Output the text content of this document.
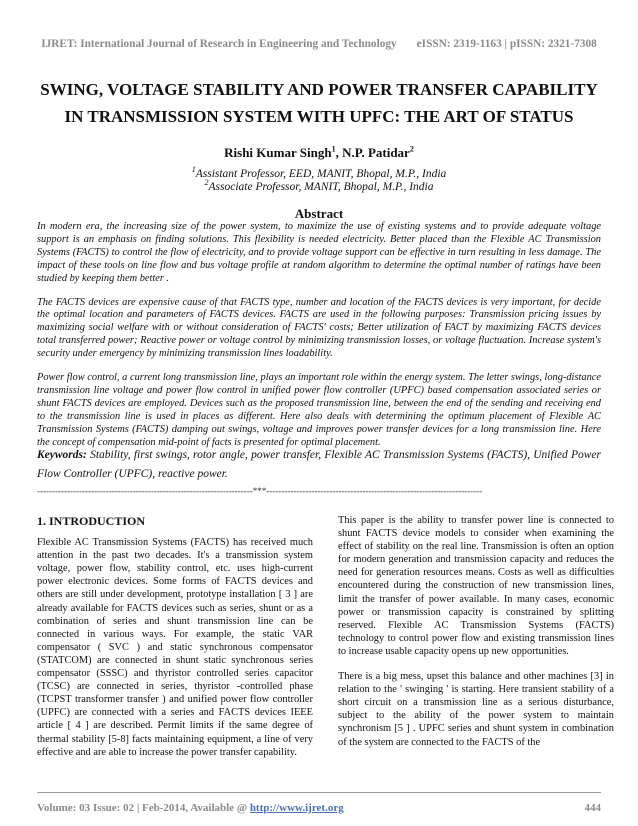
IJRET: International Journal of Research in Engineering and Technology eISSN: 2319-1163 | pISSN: 2321-7308
SWING, VOLTAGE STABILITY AND POWER TRANSFER CAPABILITY
IN TRANSMISSION SYSTEM WITH UPFC: THE ART OF STATUS
Rishi Kumar Singh$^1$, N.P. Patidar$^2$
$^1$Assistant Professor, EED, MANIT, Bhopal, M.P., India
$^2$Associate Professor, MANIT, Bhopal, M.P., India
Abstract

In modern era, the increasing size of the power system, to maximize the use of existing systems and to provide adequate voltage support is an emphasis on finding solutions. This flexibility is needed electricity. Better placed than the Flexible AC Transmission Systems (FACTS) to control the flow of electricity, and to provide voltage support can be effective in turn resulting in less damage. The impact of these tools on line flow and bus voltage profile at random algorithm to determine the optimal number of ratings have been studied by keeping them better .

The FACTS devices are expensive cause of that FACTS type, number and location of the FACTS devices is very important, for decide the optimal location and parameters of FACTS devices. FACTS are used in the following purposes: Transmission pricing issues by maximizing social welfare with or without consideration of FACTS' costs; Better utilization of FACT by maximizing FACTS devices total transferred power; Reactive power or voltage control by minimizing transmission losses, or voltage fluctuation. Increase system's security under emergency by minimizing transmission lines loadability.

Power flow control, a current long transmission line, plays an important role within the energy system. The letter swings, long-distance transmission line voltage and power flow control in unified power flow controller (UPFC) based compensation associated series or shunt FACTS devices are employed. Devices such as the proposed transmission line, between the end of the sending and receiving end to the transmission line is used in places as different. Here also deals with determining the optimum placement of Flexible AC Transmission Systems (FACTS) damping out swings, voltage and improves power transfer devices for a long transmission line. Here the concept of compensation mid-point of facts is presented for optimal placement.

Keywords: Stability, first swings, rotor angle, power transfer, Flexible AC Transmission Systems (FACTS), Unified Power Flow Controller (UPFC), reactive power.
------------------------------------------------------------------------***------------------------------------------------------------------------
1. INTRODUCTION

Flexible AC Transmission Systems (FACTS) has received much attention in the past two decades. It's a transmission system voltage, power flow, stability control, etc. uses high-current power electronic devices. Some forms of FACTS devices and others are still under development, prototype installation [ 3 ] are already available for FACTS devices such as series, shunt or as a combination of series and shunt transmission line can be connected in various ways. For example, the static VAR compensator ( SVC ) and static synchronous compensator (STATCOM) are connected in shunt static synchronous series compensator (SSSC) and thyristor controlled series capacitor (TCSC) are connected in series, thyristor -controlled phase (TCPST transformer transfer ) and unified power flow controller (UPFC) are connected with a series and FACTS devices IEEE article [ 4 ] are described. Permit limits if the same degree of thermal stability [5-8] facts maintaining equipment, a line of very effective and are able to increase the power transfer capability.

This paper is the ability to transfer power line is connected to shunt FACTS device models to consider when examining the effect of stability on the real line. Transmission is often an option for modern generation and transmission capacity and reduces the need for generation resources means. Costs as well as difficulties encountered during the construction of new transmission lines, limit the transfer of power available. In many cases, economic power or transmission capacity is constrained by splitting reserved. Flexible AC Transmission Systems (FACTS) technology to control power flow and existing transmission lines to increase usable capacity opens up new opportunities.

There is a big mess, upset this balance and other machines [3] in relation to the ' swinging ' is starting. Here transient stability of a short circuit on a transmission line as a serious disturbance, subject to the ability of the power system to maintain synchronism [5 ] . UPFC series and shunt system in combination of the system are connected to the FACTS of the

Volume: 03 Issue: 02 | Feb-2014, Available @ http://www.ijret.org	444
